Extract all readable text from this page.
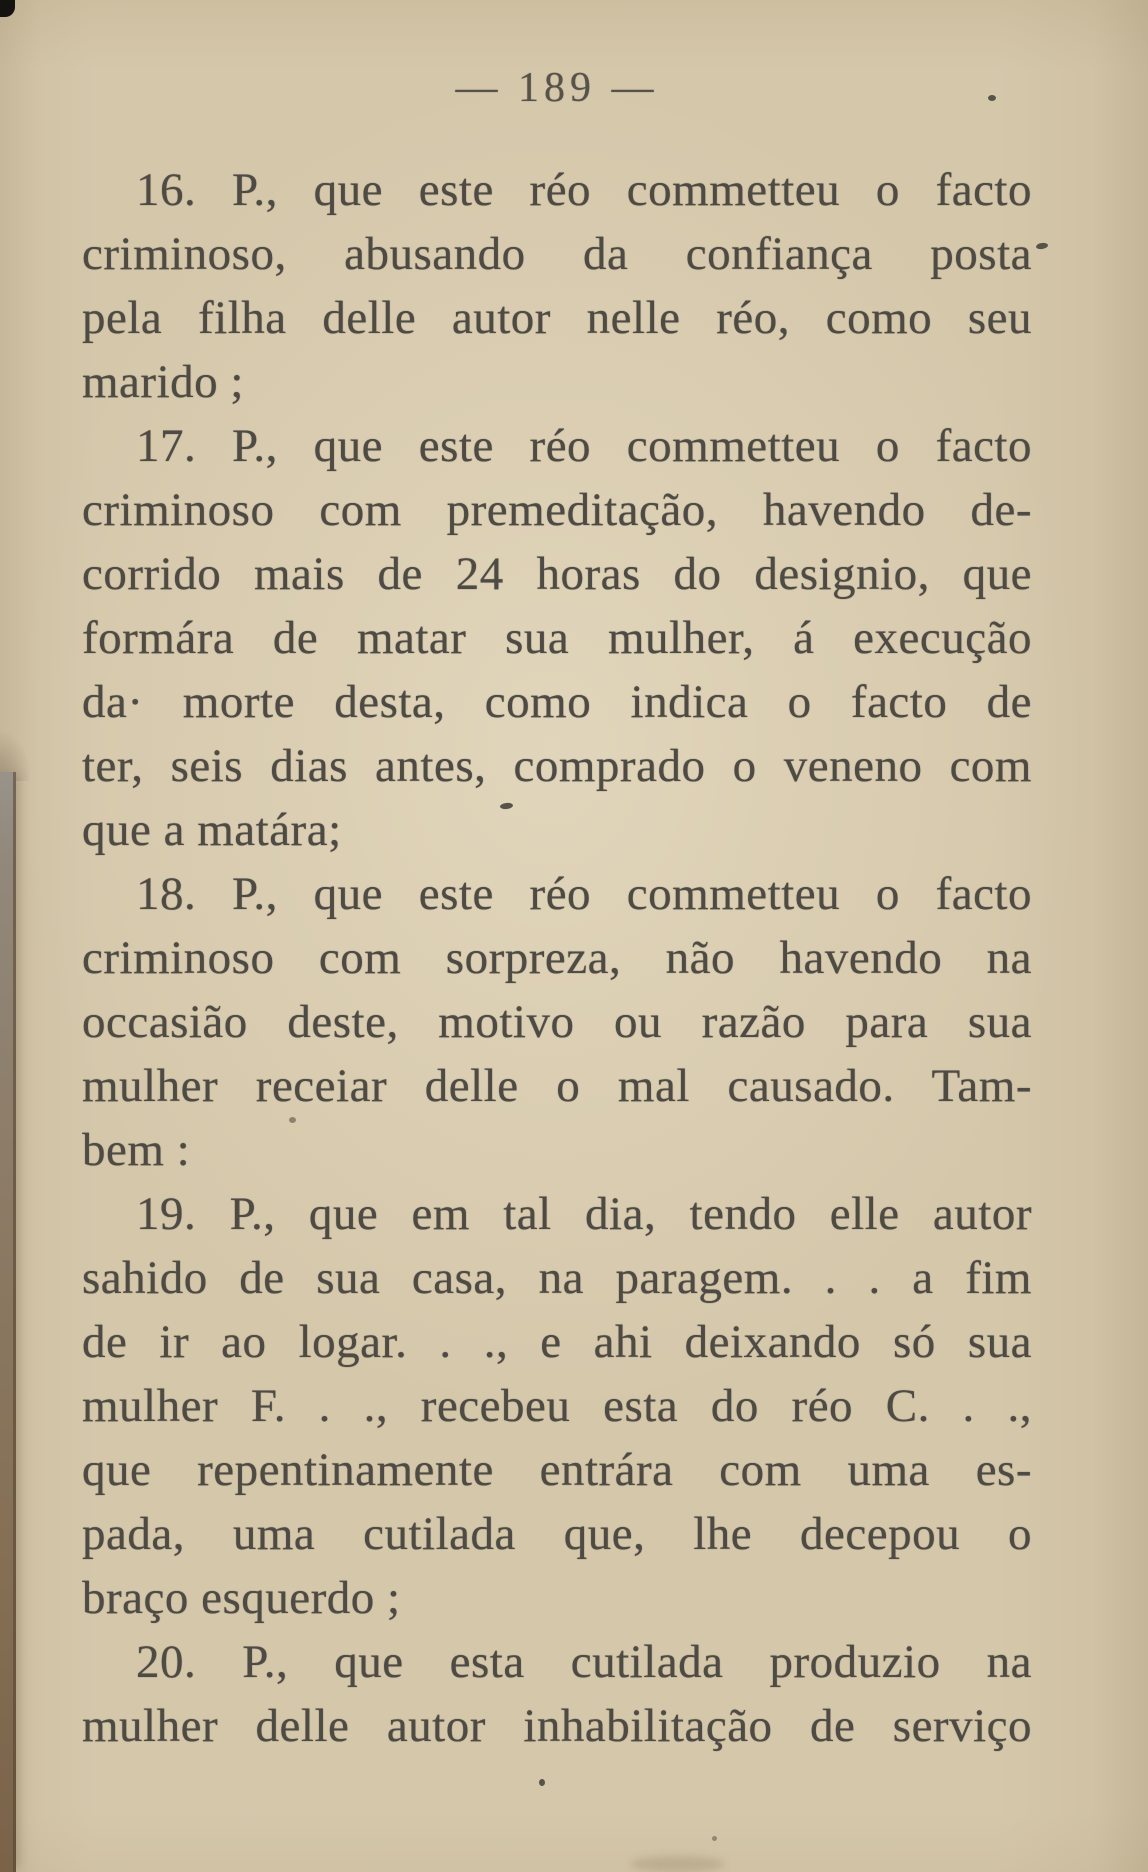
— 189 —
16. P., que este réo commetteu o facto
criminoso, abusando da confiança posta
pela filha delle autor nelle réo, como seu
marido ;
17. P., que este réo commetteu o facto
criminoso com premeditação, havendo de-
corrido mais de 24 horas do designio, que
formára de matar sua mulher, á execução
da· morte desta, como indica o facto de
ter, seis dias antes, comprado o veneno com
que a matára;
18. P., que este réo commetteu o facto
criminoso com sorpreza, não havendo na
occasião deste, motivo ou razão para sua
mulher receiar delle o mal causado. Tam-
bem :
19. P., que em tal dia, tendo elle autor
sahido de sua casa, na paragem. . . a fim
de ir ao logar. . ., e ahi deixando só sua
mulher F. . ., recebeu esta do réo C. . .,
que repentinamente entrára com uma es-
pada, uma cutilada que, lhe decepou o
braço esquerdo ;
20. P., que esta cutilada produzio na
mulher delle autor inhabilitação de serviço
